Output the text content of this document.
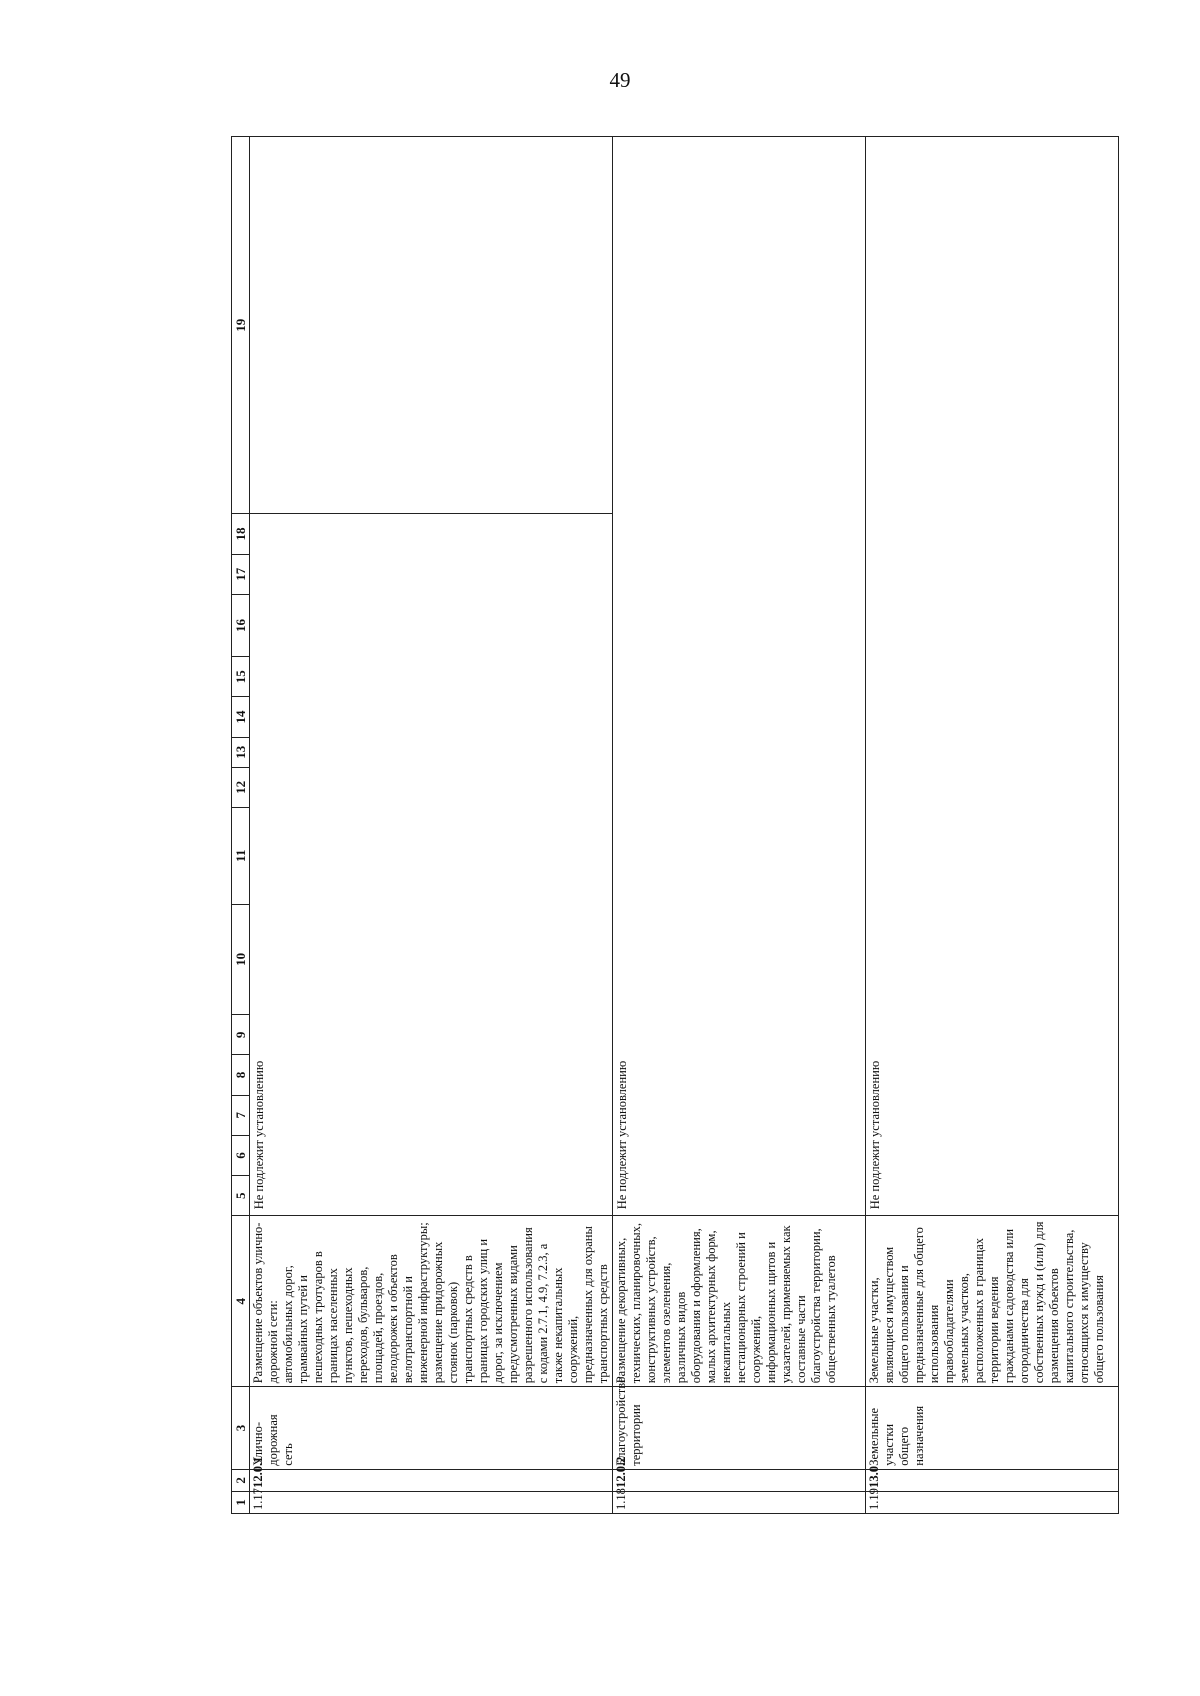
49
1	2	3	4	5	6	7	8	9	10	11	12	13	14	15	16	17	18	19
1.17	12.0.1	Улично-дорожная сеть	Размещение объектов улично-дорожной сети: автомобильных дорог, трамвайных путей и пешеходных тротуаров в границах населенных пунктов, пешеходных переходов, бульваров, площадей, проездов, велодорожек и объектов велотранспортной и инженерной инфраструктуры; размещение придорожных стоянок (парковок) транспортных средств в границах городских улиц и дорог, за исключением предусмотренных видами разрешенного использования с кодами 2.7.1, 4.9, 7.2.3, а также некапитальных сооружений, предназначенных для охраны транспортных средств	Не подлежит установлению														
1.18	12.0.2	Благоустройство территории	Размещение декоративных, технических, планировочных, конструктивных устройств, элементов озеленения, различных видов оборудования и оформления, малых архитектурных форм, некапитальных нестационарных строений и сооружений, информационных щитов и указателей, применяемых как составные части благоустройства территории, общественных туалетов	Не подлежит установлению														
1.19	13.0	Земельные участки общего назначения	Земельные участки, являющиеся имуществом общего пользования и предназначенные для общего использования правообладателями земельных участков, расположенных в границах территории ведения гражданами садоводства или огородничества для собственных нужд и (или) для размещения объектов капитального строительства, относящихся к имуществу общего пользования	Не подлежит установлению														
